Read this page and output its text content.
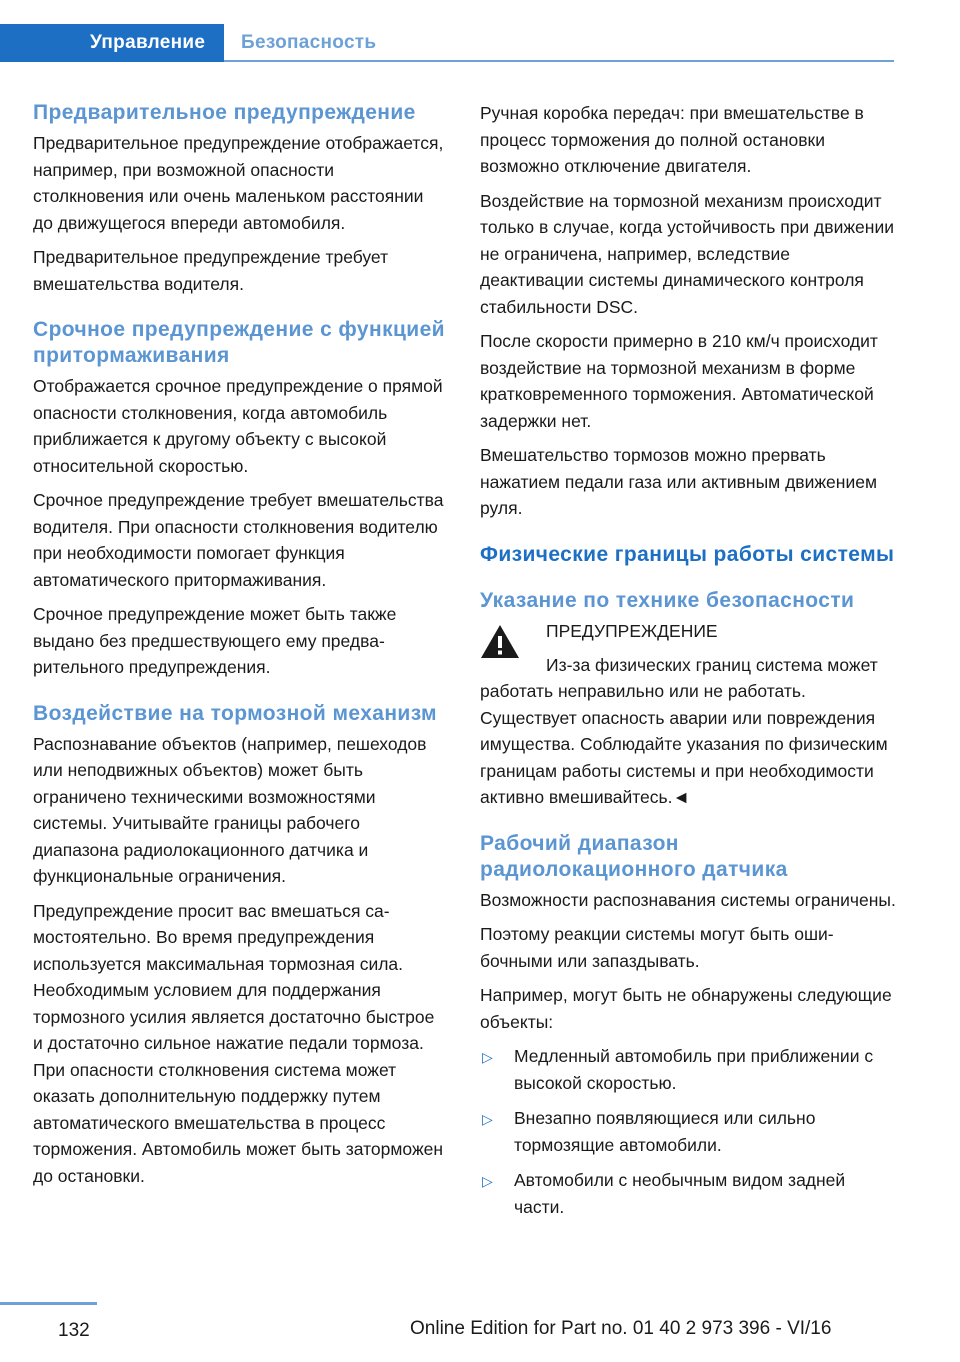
Управление	Безопасность
Предварительное предупреждение

Предварительное предупреждение отображается, например, при возможной опасности столкновения или очень маленьком расстоянии до движущегося впереди автомобиля.

Предварительное предупреждение требует вмешательства водителя.

Срочное предупреждение с функцией притормаживания

Отображается срочное предупреждение о прямой опасности столкновения, когда автомобиль приближается к другому объекту с высокой относительной скоростью.

Срочное предупреждение требует вмешательства водителя. При опасности столкновения водителю при необходимости помогает функция автоматического притормаживания.

Срочное предупреждение может быть также выдано без предшествующего ему предварительного предупреждения.

Воздействие на тормозной механизм

Распознавание объектов (например, пешеходов или неподвижных объектов) может быть ограничено техническими возможностями системы. Учитывайте границы рабочего диапазона радиолокационного датчика и функциональные ограничения.

Предупреждение просит вас вмешаться самостоятельно. Во время предупреждения используется максимальная тормозная сила. Необходимым условием для поддержания тормозного усилия является достаточно быстрое и достаточно сильное нажатие педали тормоза. При опасности столкновения система может оказать дополнительную поддержку путем автоматического вмешательства в процесс торможения. Автомобиль может быть заторможен до остановки.

Ручная коробка передач: при вмешательстве в процесс торможения до полной остановки возможно отключение двигателя.

Воздействие на тормозной механизм происходит только в случае, когда устойчивость при движении не ограничена, например, вследствие деактивации системы динамического контроля стабильности DSC.

После скорости примерно в 210 км/ч происходит воздействие на тормозной механизм в форме кратковременного торможения. Автоматической задержки нет.

Вмешательство тормозов можно прервать нажатием педали газа или активным движением руля.

Физические границы работы системы
Указание по технике безопасности
ПРЕДУПРЕЖДЕНИЕ

Из-за физических границ система может работать неправильно или не работать. Существует опасность аварии или повреждения имущества. Соблюдайте указания по физическим границам работы системы и при необходимости активно вмешивайтесь.◄

Рабочий диапазон радиолокационного датчика

Возможности распознавания системы ограничены.

Поэтому реакции системы могут быть ошибочными или запаздывать.

Например, могут быть не обнаружены следующие объекты:

▷ Медленный автомобиль при приближении с высокой скоростью.
▷ Внезапно появляющиеся или сильно тормозящие автомобили.
▷ Автомобили с необычным видом задней части.
132	Online Edition for Part no. 01 40 2 973 396 - VI/16
